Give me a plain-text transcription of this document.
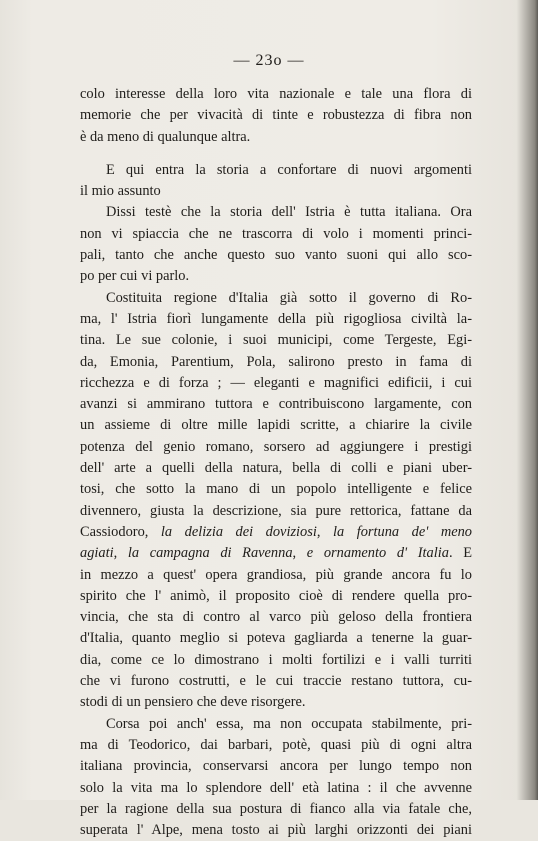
— 23o —
colo interesse della loro vita nazionale e tale una flora di
memorie che per vivacità di tinte e robustezza di fibra non
è da meno di qualunque altra.
E qui entra la storia a confortare di nuovi argomenti
il mio assunto
Dissi testè che la storia dell' Istria è tutta italiana. Ora
non vi spiaccia che ne trascorra di volo i momenti princi-
pali, tanto che anche questo suo vanto suoni qui allo sco-
po per cui vi parlo.
Costituita regione d'Italia già sotto il governo di Ro-
ma, l' Istria fiorì lungamente della più rigogliosa civiltà la-
tina. Le sue colonie, i suoi municipi, come Tergeste, Egi-
da, Emonia, Parentium, Pola, salirono presto in fama di
ricchezza e di forza ; — eleganti e magnifici edificii, i cui
avanzi si ammirano tuttora e contribuiscono largamente, con
un assieme di oltre mille lapidi scritte, a chiarire la civile
potenza del genio romano, sorsero ad aggiungere i prestigi
dell' arte a quelli della natura, bella di colli e piani uber-
tosi, che sotto la mano di un popolo intelligente e felice
divennero, giusta la descrizione, sia pure rettorica, fattane da
Cassiodoro, la delizia dei doviziosi, la fortuna de' meno
agiati, la campagna di Ravenna, e ornamento d' Italia. E
in mezzo a quest' opera grandiosa, più grande ancora fu lo
spirito che l' animò, il proposito cioè di rendere quella pro-
vincia, che sta di contro al varco più geloso della frontiera
d'Italia, quanto meglio si poteva gagliarda a tenerne la guar-
dia, come ce lo dimostrano i molti fortilizi e i valli turriti
che vi furono costrutti, e le cui traccie restano tuttora, cu-
stodi di un pensiero che deve risorgere.
Corsa poi anch' essa, ma non occupata stabilmente, pri-
ma di Teodorico, dai barbari, potè, quasi più di ogni altra
italiana provincia, conservarsi ancora per lungo tempo non
solo la vita ma lo splendore dell' età latina : il che avvenne
per la ragione della sua postura di fianco alla via fatale che,
superata l' Alpe, mena tosto ai più larghi orizzonti dei piani
